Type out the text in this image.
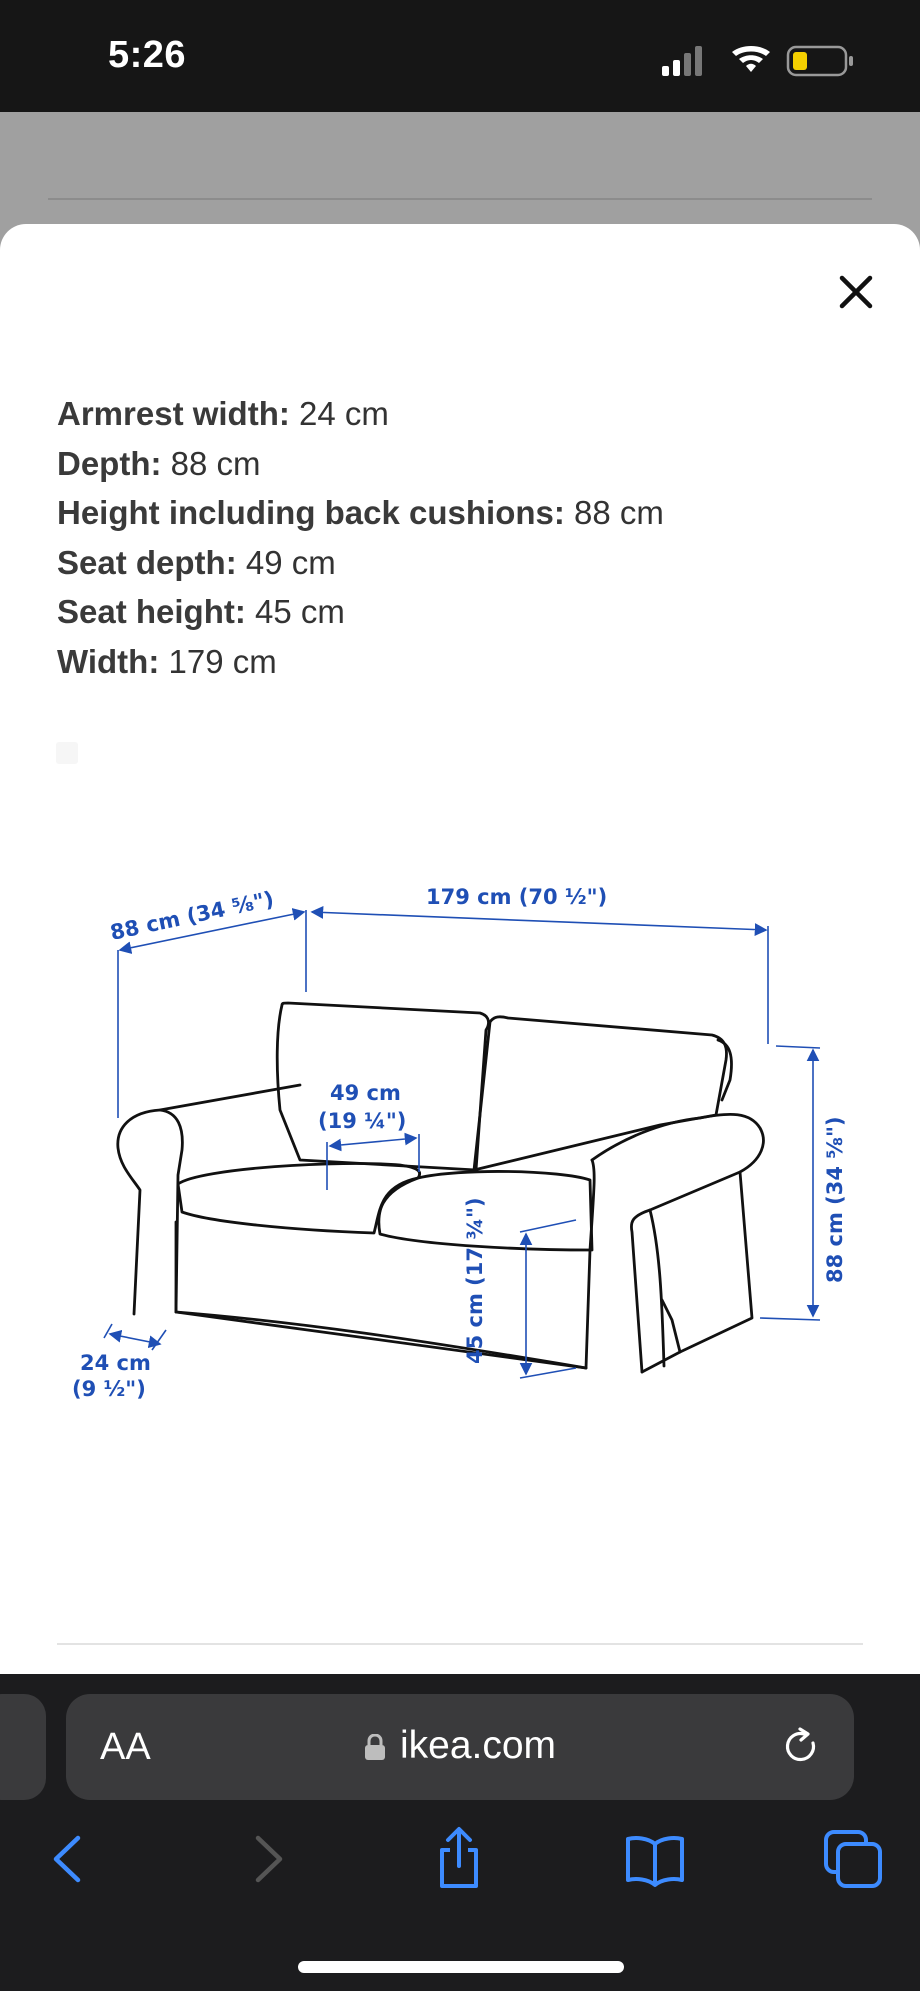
5:26
Armrest width: 24 cm
Depth: 88 cm
Height including back cushions: 88 cm
Seat depth: 49 cm
Seat height: 45 cm
Width: 179 cm
88 cm (34 ⅝")	179 cm (70 ½")
88 cm (34 ⅝")
49 cm
(19 ¼")
45 cm (17 ¾")
24 cm
(9 ½")
AA	ikea.com
